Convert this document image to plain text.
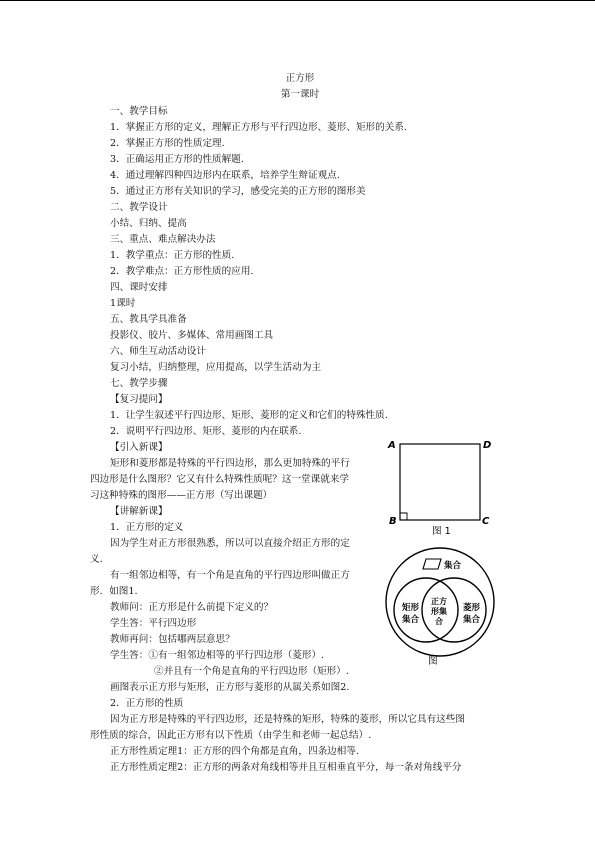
正方形
第一课时
一、教学目标
1．掌握正方形的定义，理解正方形与平行四边形、菱形、矩形的关系.
2．掌握正方形的性质定理.
3．正确运用正方形的性质解题.
4．通过理解四种四边形内在联系，培养学生辩证观点.
5．通过正方形有关知识的学习，感受完美的正方形的图形美
二、教学设计
小结、归纳、提高
三、重点、难点解决办法
1．教学重点：正方形的性质.
2．教学难点：正方形性质的应用.
四、课时安排
1课时
五、教具学具准备
投影仪、胶片、多媒体、常用画图工具
六、师生互动活动设计
复习小结，归纳整理，应用提高，以学生活动为主
七、教学步骤
【复习提问】
1．让学生叙述平行四边形、矩形、菱形的定义和它们的特殊性质.
2．说明平行四边形、矩形、菱形的内在联系.
【引入新课】
矩形和菱形都是特殊的平行四边形，那么更加特殊的平行
四边形是什么图形？它又有什么特殊性质呢？这一堂课就来学
习这种特殊的图形——正方形（写出课题）
【讲解新课】
1．正方形的定义
因为学生对正方形很熟悉，所以可以直接介绍正方形的定
义.
有一组邻边相等，有一个角是直角的平行四边形叫做正方
形．如图1.
教师问：正方形是什么前提下定义的？
学生答：平行四边形
教师再问：包括哪两层意思？
学生答：①有一组邻边相等的平行四边形（菱形）.
②并且有一个角是直角的平行四边形（矩形）.
画图表示正方形与矩形，正方形与菱形的从属关系如图2.
2．正方形的性质
因为正方形是特殊的平行四边形，还是特殊的矩形，特殊的菱形，所以它具有这些图
形性质的综合，因此正方形有以下性质（由学生和老师一起总结）.
正方形性质定理1：正方形的四个角都是直角，四条边相等.
正方形性质定理2：正方形的两条对角线相等并且互相垂直平分，每一条对角线平分
A	D
B	C
图 1
集合
矩形
集合
菱形
集合
正方
形集
合
图
